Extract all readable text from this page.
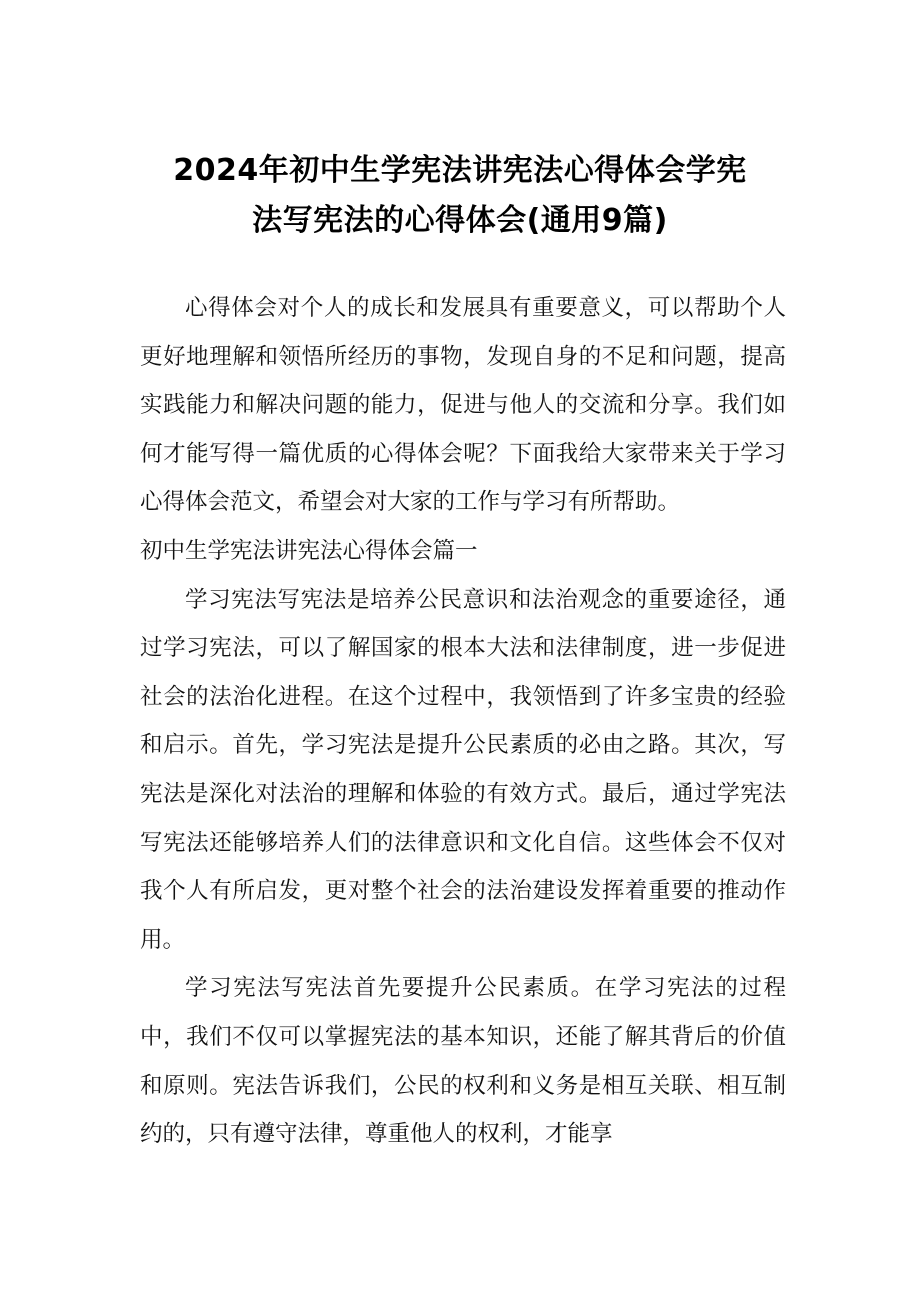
2024年初中生学宪法讲宪法心得体会学宪
法写宪法的心得体会(通用9篇)

心得体会对个人的成长和发展具有重要意义，可以帮助个人更好地理解和领悟所经历的事物，发现自身的不足和问题，提高实践能力和解决问题的能力，促进与他人的交流和分享。我们如何才能写得一篇优质的心得体会呢？下面我给大家带来关于学习心得体会范文，希望会对大家的工作与学习有所帮助。

初中生学宪法讲宪法心得体会篇一

学习宪法写宪法是培养公民意识和法治观念的重要途径，通过学习宪法，可以了解国家的根本大法和法律制度，进一步促进社会的法治化进程。在这个过程中，我领悟到了许多宝贵的经验和启示。首先，学习宪法是提升公民素质的必由之路。其次，写宪法是深化对法治的理解和体验的有效方式。最后，通过学宪法写宪法还能够培养人们的法律意识和文化自信。这些体会不仅对我个人有所启发，更对整个社会的法治建设发挥着重要的推动作用。

学习宪法写宪法首先要提升公民素质。在学习宪法的过程中，我们不仅可以掌握宪法的基本知识，还能了解其背后的价值和原则。宪法告诉我们，公民的权利和义务是相互关联、相互制约的，只有遵守法律，尊重他人的权利，才能享
